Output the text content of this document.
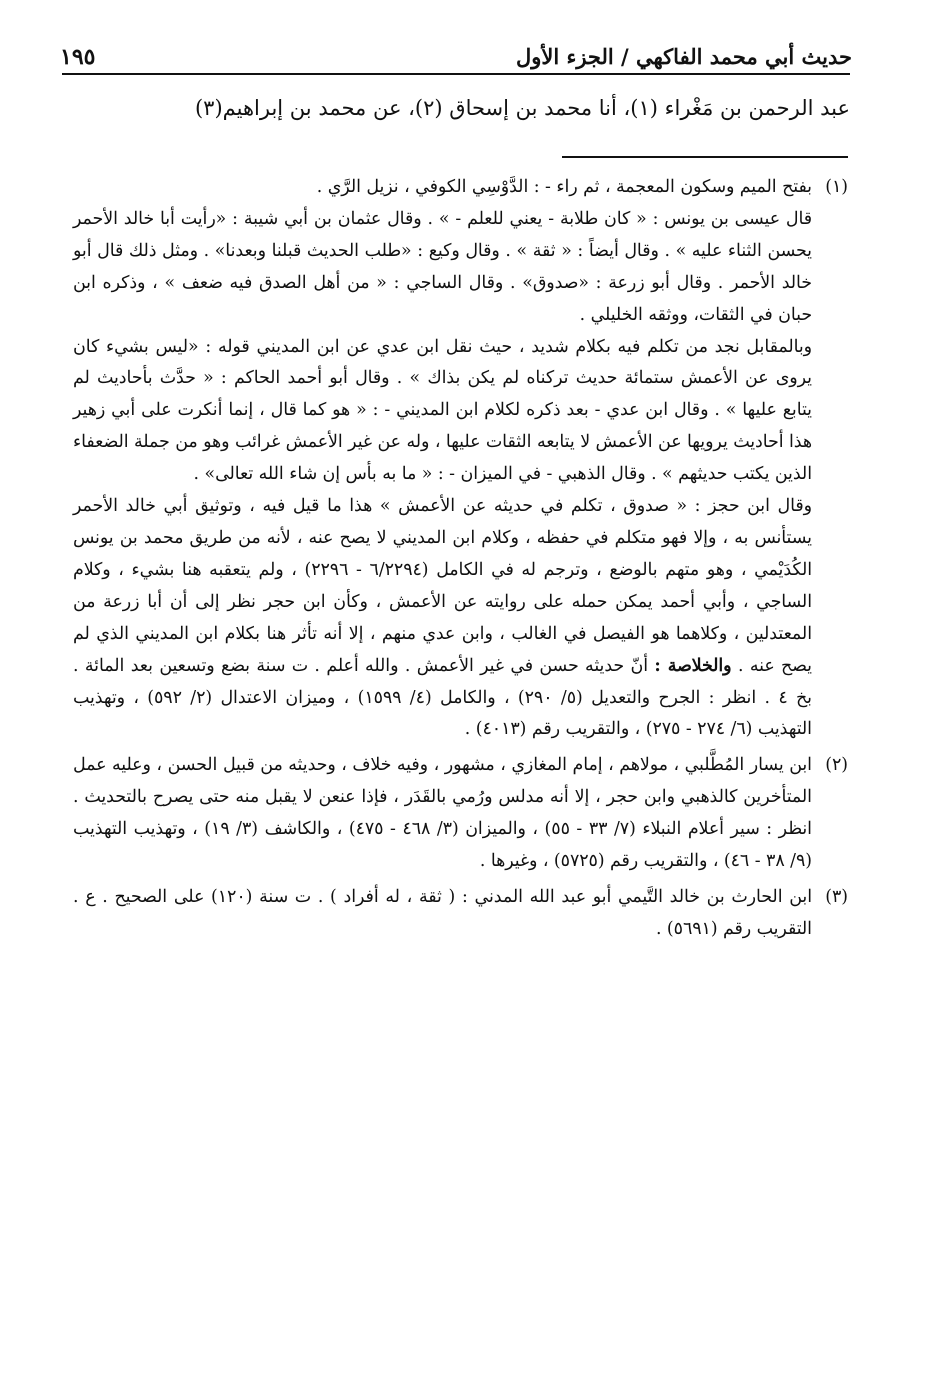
حديث أبي محمد الفاكهي / الجزء الأول
١٩٥
عبد الرحمن بن مَغْراء (١)، أنا محمد بن إسحاق (٢)، عن محمد بن إبراهيم(٣)
(١)

بفتح الميم وسكون المعجمة ، ثم راء - : الدَّوْسِي الكوفي ، نزيل الرَّي .

قال عيسى بن يونس : « كان طلابة - يعني للعلم - » . وقال عثمان بن أبي شيبة : «رأيت أبا خالد الأحمر يحسن الثناء عليه » . وقال أيضاً : « ثقة » . وقال وكيع : «طلب الحديث قبلنا وبعدنا» . ومثل ذلك قال أبو خالد الأحمر . وقال أبو زرعة : «صدوق» . وقال الساجي : « من أهل الصدق فيه ضعف » ، وذكره ابن حبان في الثقات، ووثقه الخليلي .

وبالمقابل نجد من تكلم فيه بكلام شديد ، حيث نقل ابن عدي عن ابن المديني قوله : «ليس بشيء كان يروى عن الأعمش ستمائة حديث تركناه لم يكن بذاك » . وقال أبو أحمد الحاكم : « حدَّث بأحاديث لم يتابع عليها » . وقال ابن عدي - بعد ذكره لكلام ابن المديني - : « هو كما قال ، إنما أنكرت على أبي زهير هذا أحاديث يرويها عن الأعمش لا يتابعه الثقات عليها ، وله عن غير الأعمش غرائب وهو من جملة الضعفاء الذين يكتب حديثهم » . وقال الذهبي - في الميزان - : « ما به بأس إن شاء الله تعالى» .

وقال ابن حجز : « صدوق ، تكلم في حديثه عن الأعمش » هذا ما قيل فيه ، وتوثيق أبي خالد الأحمر يستأنس به ، وإلا فهو متكلم في حفظه ، وكلام ابن المديني لا يصح عنه ، لأنه من طريق محمد بن يونس الكُدَيْمي ، وهو متهم بالوضع ، وترجم له في الكامل (٦/٢٢٩٤ - ٢٢٩٦) ، ولم يتعقبه هنا بشيء ، وكلام الساجي ، وأبي أحمد يمكن حمله على روايته عن الأعمش ، وكأن ابن حجر نظر إلى أن أبا زرعة من المعتدلين ، وكلاهما هو الفيصل في الغالب ، وابن عدي منهم ، إلا أنه تأثر هنا بكلام ابن المديني الذي لم يصح عنه . والخلاصة : أنّ حديثه حسن في غير الأعمش . والله أعلم . ت سنة بضع وتسعين بعد المائة . بخ ٤ . انظر : الجرح والتعديل (٥/ ٢٩٠) ، والكامل (٤/ ١٥٩٩) ، وميزان الاعتدال (٢/ ٥٩٢) ، وتهذيب التهذيب (٦/ ٢٧٤ - ٢٧٥) ، والتقريب رقم (٤٠١٣) .

(٢)

ابن يسار المُطَّلبي ، مولاهم ، إمام المغازي ، مشهور ، وفيه خلاف ، وحديثه من قبيل الحسن ، وعليه عمل المتأخرين كالذهبي وابن حجر ، إلا أنه مدلس ورُمي بالقَدَر ، فإذا عنعن لا يقبل منه حتى يصرح بالتحديث . انظر : سير أعلام النبلاء (٧/ ٣٣ - ٥٥) ، والميزان (٣/ ٤٦٨ - ٤٧٥) ، والكاشف (٣/ ١٩) ، وتهذيب التهذيب (٩/ ٣٨ - ٤٦) ، والتقريب رقم (٥٧٢٥) ، وغيرها .

(٣)

ابن الحارث بن خالد التَّيمي أبو عبد الله المدني : ( ثقة ، له أفراد ) . ت سنة (١٢٠) على الصحيح . ع . التقريب رقم (٥٦٩١) .
